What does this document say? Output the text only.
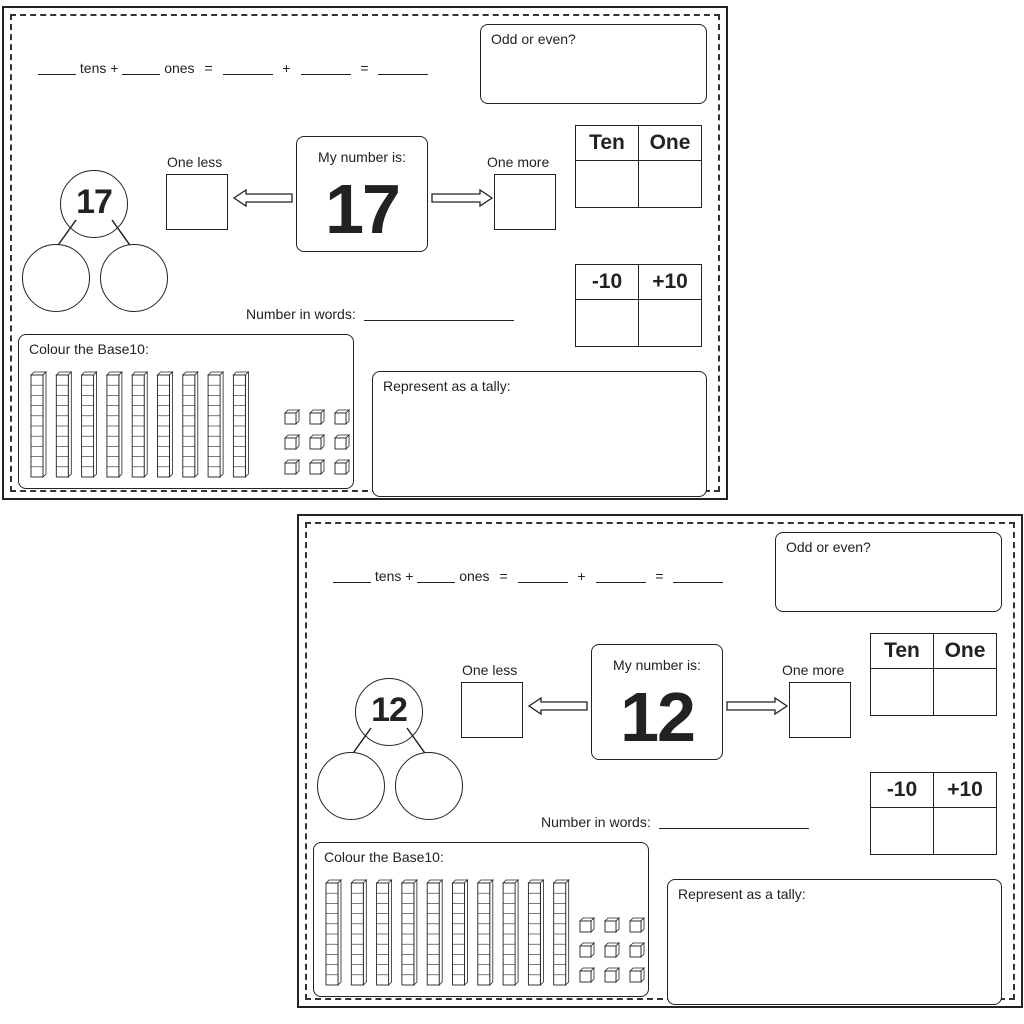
tens +	ones =	+	=
Odd or even?
17
One less	My number is:
17
One more
Ten	One

-10	+10

Number in words:
Colour the Base10:
Represent as a tally:
tens +	ones =	+	=
Odd or even?
12
One less	My number is:
12
One more
Ten	One

-10	+10

Number in words:
Colour the Base10:
Represent as a tally:
